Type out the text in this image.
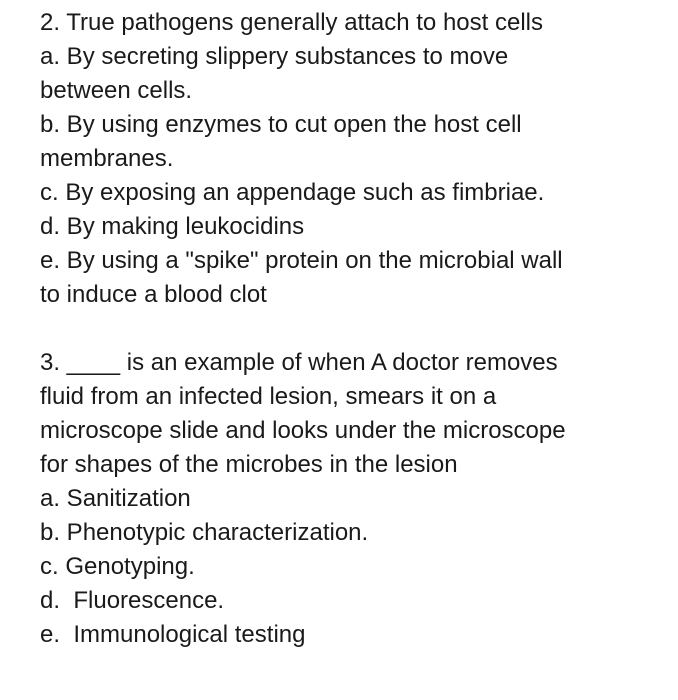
2. True pathogens generally attach to host cells
a. By secreting slippery substances to move
between cells.
b. By using enzymes to cut open the host cell
membranes.
c. By exposing an appendage such as fimbriae.
d. By making leukocidins
e. By using a "spike" protein on the microbial wall
to induce a blood clot
3. ____ is an example of when A doctor removes
fluid from an infected lesion, smears it on a
microscope slide and looks under the microscope
for shapes of the microbes in the lesion
a. Sanitization
b. Phenotypic characterization.
c. Genotyping.
d.  Fluorescence.
e.  Immunological testing
